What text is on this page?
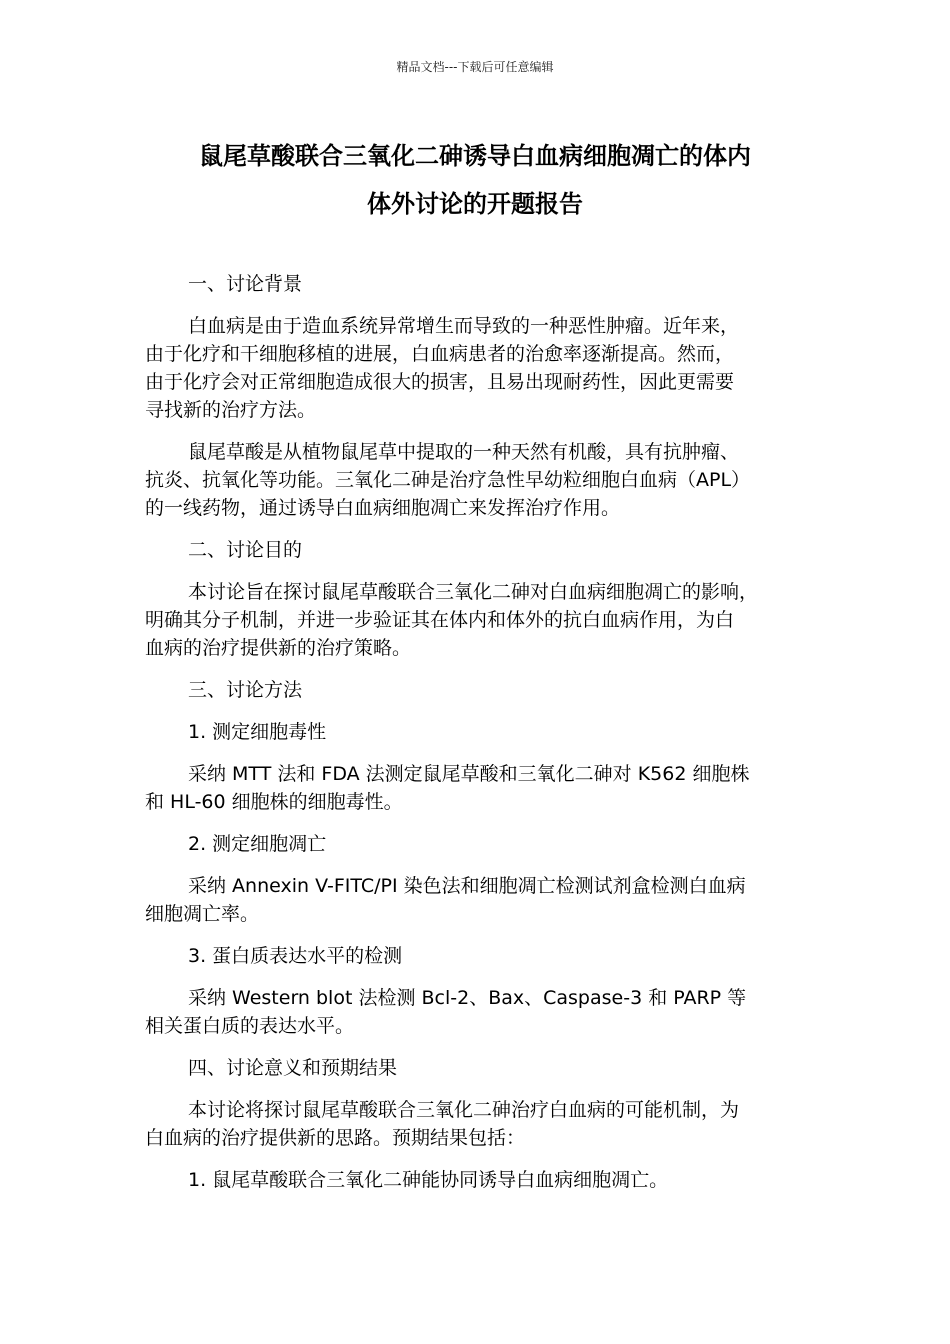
精品文档---下载后可任意编辑
鼠尾草酸联合三氧化二砷诱导白血病细胞凋亡的体内
体外讨论的开题报告
一、讨论背景
白血病是由于造血系统异常增生而导致的一种恶性肿瘤。近年来，
由于化疗和干细胞移植的进展，白血病患者的治愈率逐渐提高。然而，
由于化疗会对正常细胞造成很大的损害，且易出现耐药性，因此更需要
寻找新的治疗方法。
鼠尾草酸是从植物鼠尾草中提取的一种天然有机酸，具有抗肿瘤、
抗炎、抗氧化等功能。三氧化二砷是治疗急性早幼粒细胞白血病（APL）
的一线药物，通过诱导白血病细胞凋亡来发挥治疗作用。
二、讨论目的
本讨论旨在探讨鼠尾草酸联合三氧化二砷对白血病细胞凋亡的影响，
明确其分子机制，并进一步验证其在体内和体外的抗白血病作用，为白
血病的治疗提供新的治疗策略。
三、讨论方法
1. 测定细胞毒性
采纳 MTT 法和 FDA 法测定鼠尾草酸和三氧化二砷对 K562 细胞株
和 HL-60 细胞株的细胞毒性。
2. 测定细胞凋亡
采纳 Annexin V-FITC/PI 染色法和细胞凋亡检测试剂盒检测白血病
细胞凋亡率。
3. 蛋白质表达水平的检测
采纳 Western blot 法检测 Bcl-2、Bax、Caspase-3 和 PARP 等
相关蛋白质的表达水平。
四、讨论意义和预期结果
本讨论将探讨鼠尾草酸联合三氧化二砷治疗白血病的可能机制，为
白血病的治疗提供新的思路。预期结果包括：
1. 鼠尾草酸联合三氧化二砷能协同诱导白血病细胞凋亡。
